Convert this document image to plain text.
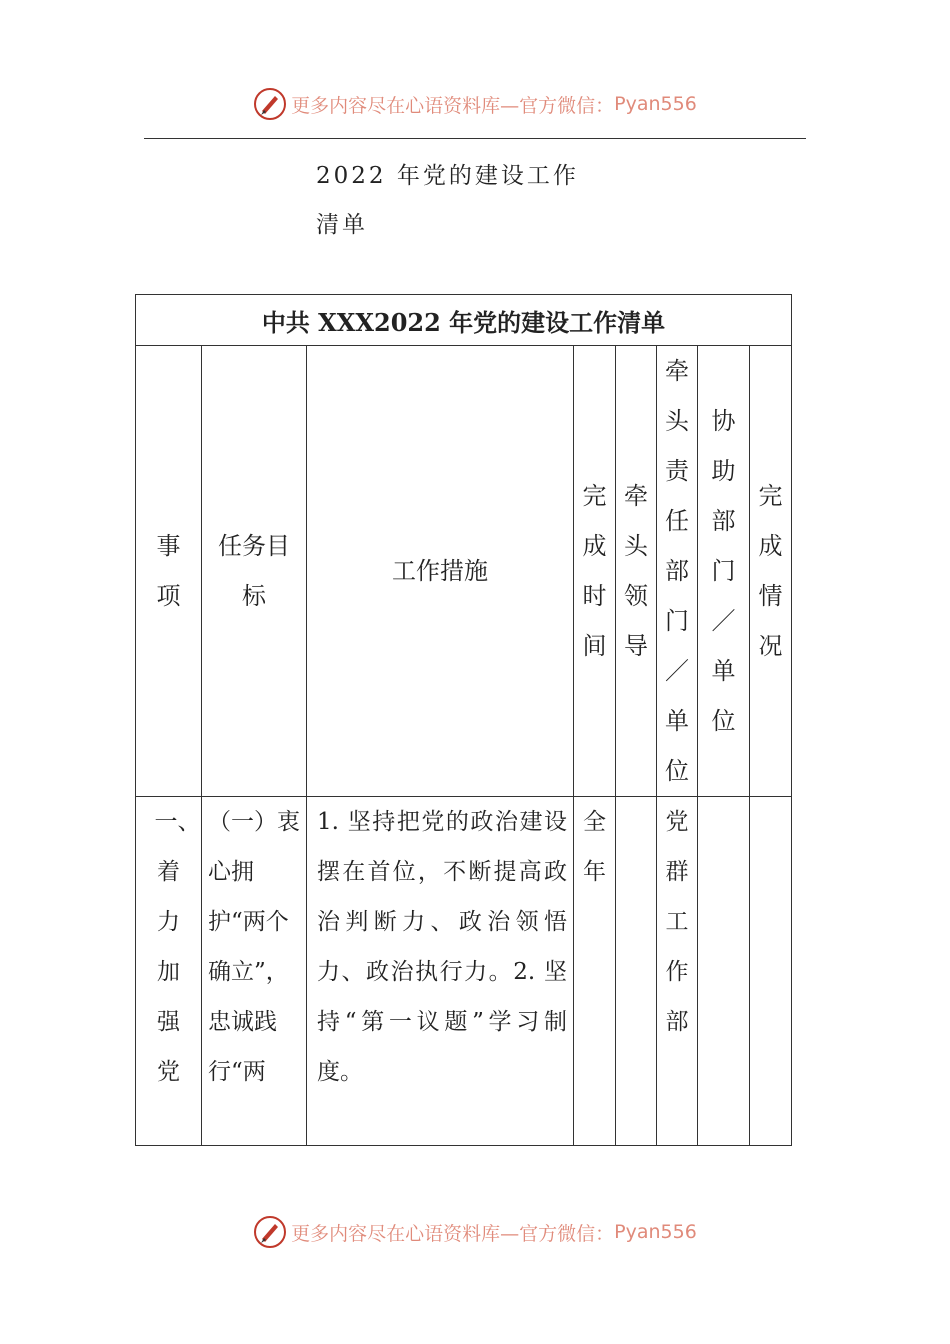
更多内容尽在心语资料库—官方微信： Pyan556
2022 年党的建设工作
清单
中共 XXX2022 年党的建设工作清单							
事项	任务目标	工作措施	完成时间	牵头领导	牵头责任部门／单位	协助部门／单位	完成情况
一、着力加强党	（一）衷心拥护“两个确立”，忠诚践行“两	1. 坚持把党的政治建设摆在首位，不断提高政治判断力、政治领悟力、政治执行力。2. 坚持“第一议题”学习制度。	全年		党群工作部		
更多内容尽在心语资料库—官方微信： Pyan556
